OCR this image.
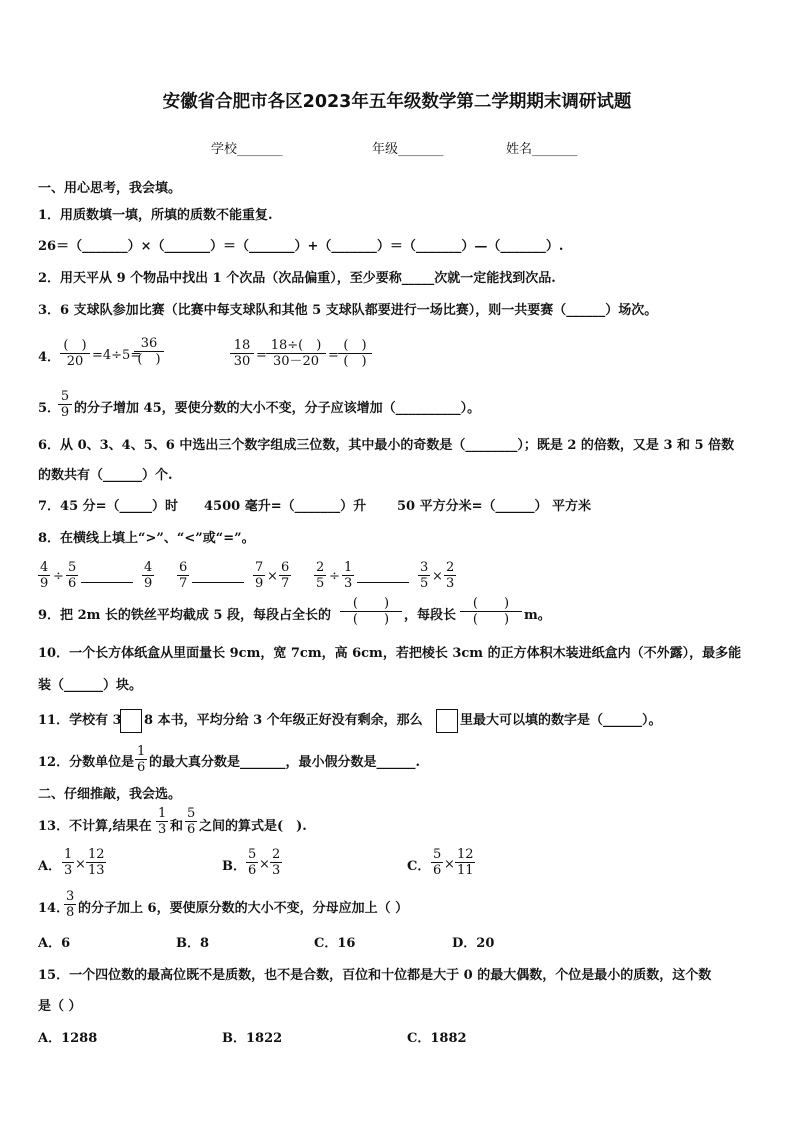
安徽省合肥市各区2023年五年级数学第二学期期末调研试题
学校_______	年级_______	姓名_______
一、用心思考，我会填。
1．用质数填一填，所填的质数不能重复.
26＝（_______）×（_______）＝（_______）+（_______）＝（_______）—（_______）.
2．用天平从 9 个物品中找出 1 个次品（次品偏重），至少要称_____次就一定能找到次品.
3．6 支球队参加比赛（比赛中每支球队和其他 5 支球队都要进行一场比赛），则一共要赛（______）场次。
4．
(　)
20 =4÷5=
36
(　)	$\frac{18}{30} = \frac{18\div( )}{30-20}$ =
(　)
(　)
5．
$\frac{5}{9}$ 的分子增加 45，要使分数的大小不变，分子应该增加（__________）。
6．从 0、3、4、5、6 中选出三个数字组成三位数，其中最小的奇数是（________）；既是 2 的倍数，又是 3 和 5 倍数
的数共有（______）个.
7．45 分=（_____）时 4500 毫升=（_______）升 50 平方分米=（______） 平方米
8．在横线上填上“>”、“<”或“=”。
$\frac{4}{9} \div \frac{5}{6}$	$\frac{4}{9} \frac{6}{7}$	$\frac{7}{9} \times \frac{6}{7} \frac{2}{5} \div \frac{1}{3}$	$\frac{3}{5} \times \frac{2}{3}$
9．把 2m 长的铁丝平均截成 5 段，每段占全长的
(　　)
(　　)	，每段长
(　　)
(　　)	m。
10．一个长方体纸盒从里面量长 9cm，宽 7cm，高 6cm，若把棱长 3cm 的正方体积木装进纸盒内（不外露），最多能
装（______）块。
11．学校有 3 8 本书，平均分给 3 个年级正好没有剩余，那么	里最大可以填的数字是（______）。
12．分数单位是 $\frac{1}{6}$ 的最大真分数是_______，最小假分数是______.
二、仔细推敲，我会选。
13．不计算,结果在 $\frac{1}{3}$ 和 $\frac{5}{6}$ 之间的算式是(　).
A． $\frac{1}{3} \times \frac{12}{13}$	B． $\frac{5}{6} \times \frac{2}{3}$	C． $\frac{5}{6} \times \frac{12}{11}$
14．
$\frac{3}{8}$ 的分子加上 6，要使原分数的大小不变，分母应加上（ ）
A．6	B．8	C．16	D．20
15．一个四位数的最高位既不是质数，也不是合数，百位和十位都是大于 0 的最大偶数，个位是最小的质数，这个数
是（ ）
A．1288	B．1822	C．1882
